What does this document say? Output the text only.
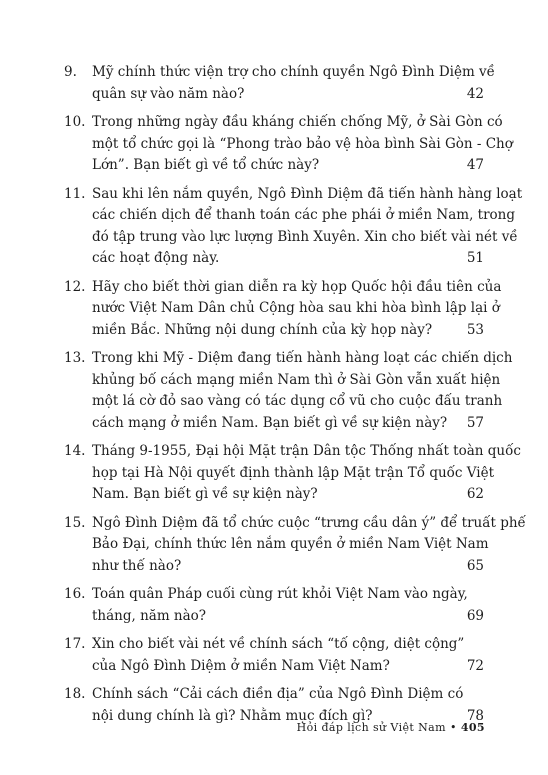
9. Mỹ chính thức viện trợ cho chính quyền Ngô Đình Diệm về
quân sự vào năm nào?	42
10. Trong những ngày đầu kháng chiến chống Mỹ, ở Sài Gòn có
một tổ chức gọi là “Phong trào bảo vệ hòa bình Sài Gòn - Chợ
Lớn”. Bạn biết gì về tổ chức này?	47
11. Sau khi lên nắm quyền, Ngô Đình Diệm đã tiến hành hàng loạt
các chiến dịch để thanh toán các phe phái ở miền Nam, trong
đó tập trung vào lực lượng Bình Xuyên. Xin cho biết vài nét về
các hoạt động này.	51
12. Hãy cho biết thời gian diễn ra kỳ họp Quốc hội đầu tiên của
nước Việt Nam Dân chủ Cộng hòa sau khi hòa bình lập lại ở
miền Bắc. Những nội dung chính của kỳ họp này?	53
13. Trong khi Mỹ - Diệm đang tiến hành hàng loạt các chiến dịch
khủng bố cách mạng miền Nam thì ở Sài Gòn vẫn xuất hiện
một lá cờ đỏ sao vàng có tác dụng cổ vũ cho cuộc đấu tranh
cách mạng ở miền Nam. Bạn biết gì về sự kiện này?	57
14. Tháng 9-1955, Đại hội Mặt trận Dân tộc Thống nhất toàn quốc
họp tại Hà Nội quyết định thành lập Mặt trận Tổ quốc Việt
Nam. Bạn biết gì về sự kiện này?	62
15. Ngô Đình Diệm đã tổ chức cuộc “trưng cầu dân ý” để truất phế
Bảo Đại, chính thức lên nắm quyền ở miền Nam Việt Nam
như thế nào?	65
16. Toán quân Pháp cuối cùng rút khỏi Việt Nam vào ngày,
tháng, năm nào?	69
17. Xin cho biết vài nét về chính sách “tố cộng, diệt cộng”
của Ngô Đình Diệm ở miền Nam Việt Nam?	72
18. Chính sách “Cải cách điền địa” của Ngô Đình Diệm có
nội dung chính là gì? Nhằm mục đích gì?	78
Hỏi đáp lịch sử Việt Nam • 405
